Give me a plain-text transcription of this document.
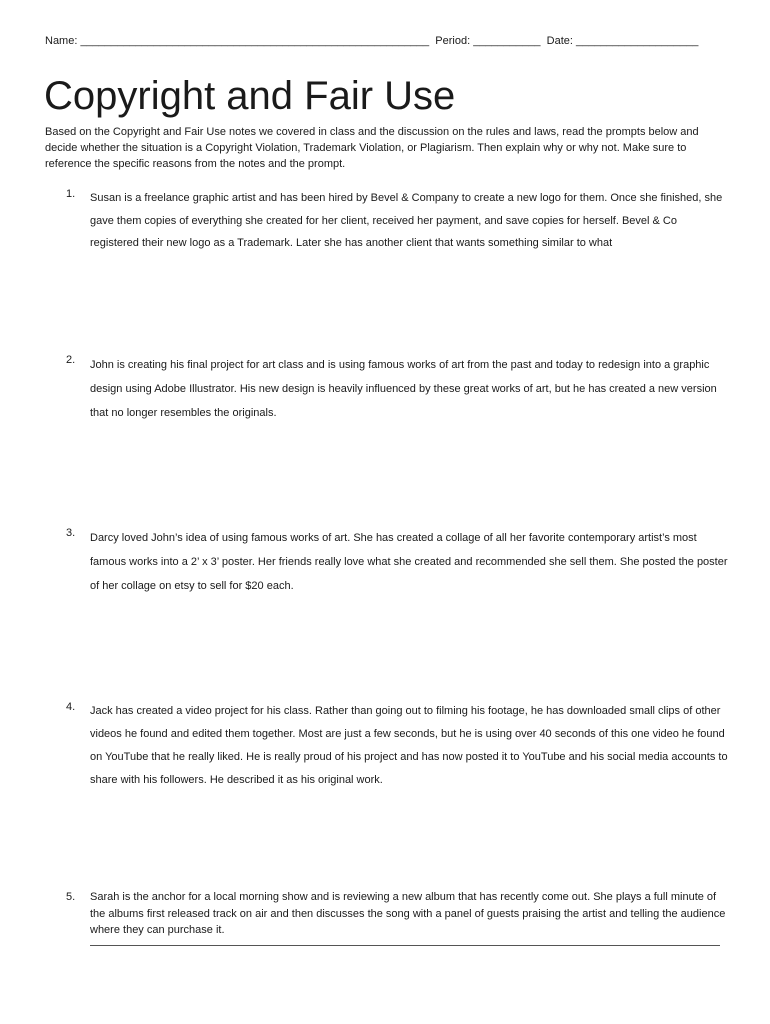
Name: _________________________________________________________ Period: ___________ Date: ____________________
Copyright and Fair Use

Based on the Copyright and Fair Use notes we covered in class and the discussion on the rules and laws, read the prompts below and decide whether the situation is a Copyright Violation, Trademark Violation, or Plagiarism. Then explain why or why not. Make sure to reference the specific reasons from the notes and the prompt.

1.	Susan is a freelance graphic artist and has been hired by Bevel & Company to create a new logo for them. Once she finished, she gave them copies of everything she created for her client, received her payment, and save copies for herself. Bevel & Co registered their new logo as a Trademark. Later she has another client that wants something similar to what

2.	John is creating his final project for art class and is using famous works of art from the past and today to redesign into a graphic design using Adobe Illustrator. His new design is heavily influenced by these great works of art, but he has created a new version that no longer resembles the originals.

3.	Darcy loved John’s idea of using famous works of art. She has created a collage of all her favorite contemporary artist’s most famous works into a 2’ x 3’ poster. Her friends really love what she created and recommended she sell them. She posted the poster of her collage on etsy to sell for $20 each.

4.	Jack has created a video project for his class. Rather than going out to filming his footage, he has downloaded small clips of other videos he found and edited them together. Most are just a few seconds, but he is using over 40 seconds of this one video he found on YouTube that he really liked. He is really proud of his project and has now posted it to YouTube and his social media accounts to share with his followers. He described it as his original work.

5.	Sarah is the anchor for a local morning show and is reviewing a new album that has recently come out. She plays a full minute of the albums first released track on air and then discusses the song with a panel of guests praising the artist and telling the audience where they can purchase it.
